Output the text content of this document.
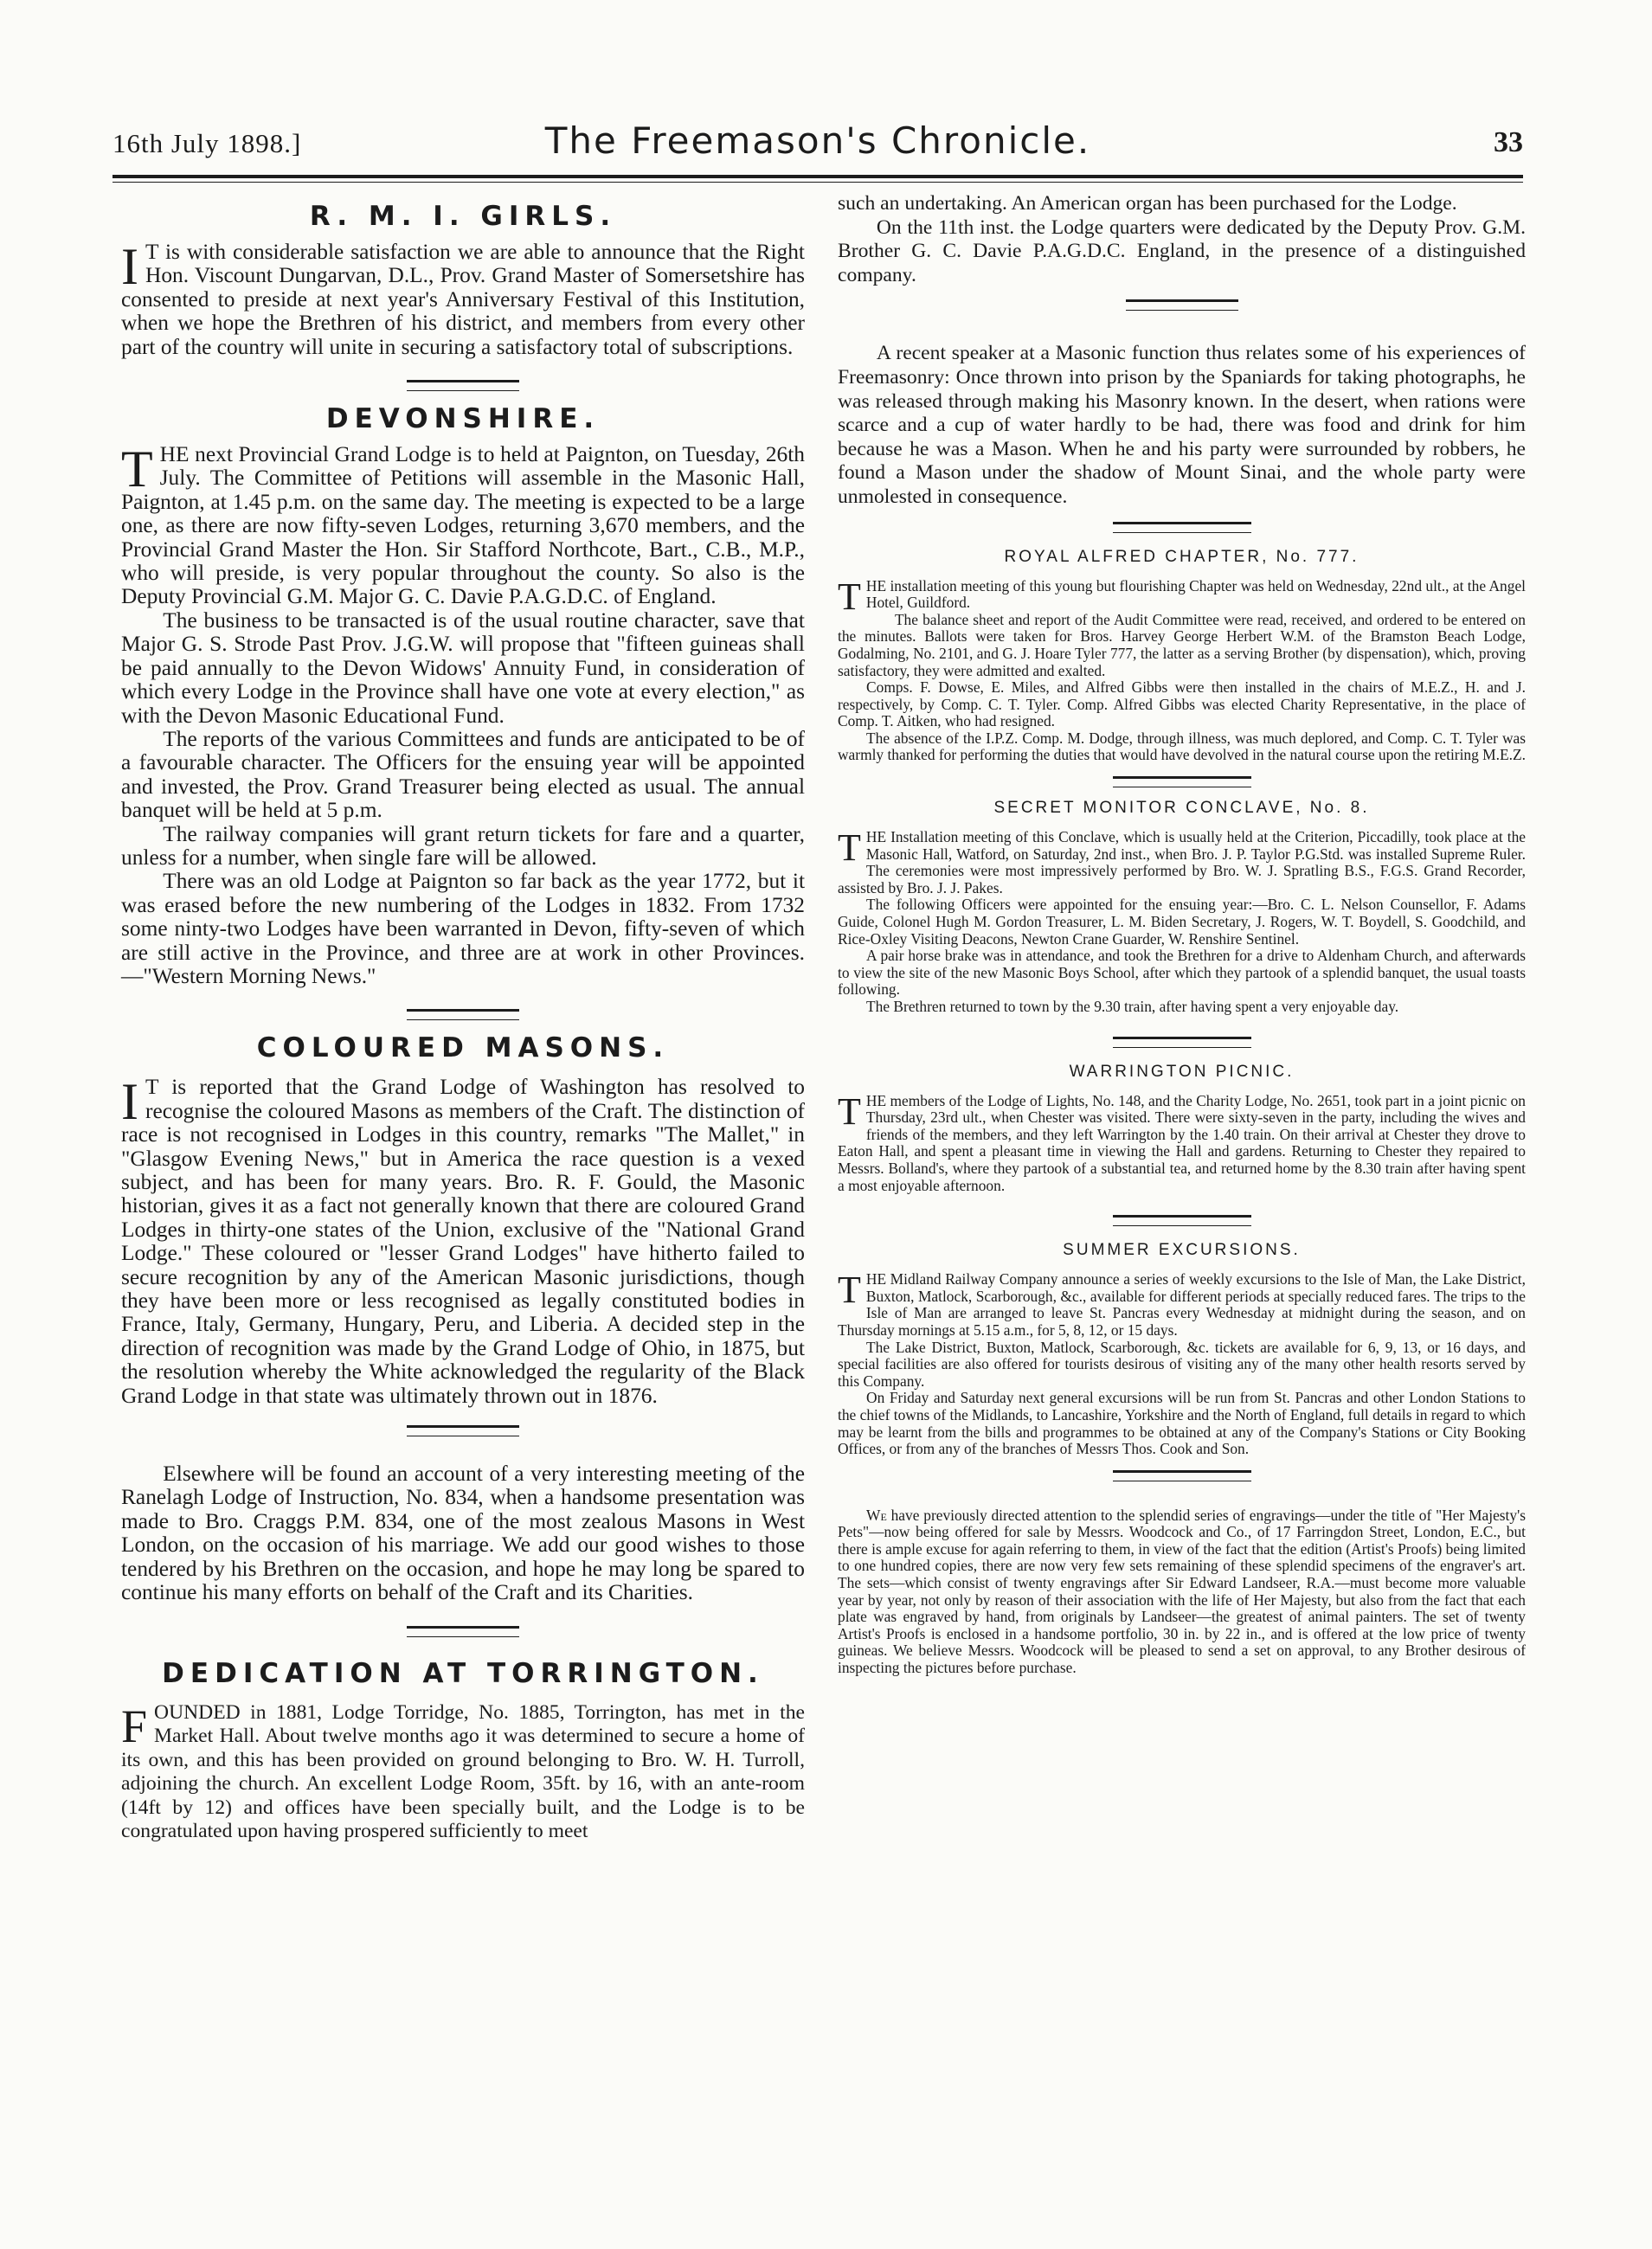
16th July 1898.]	The Freemason's Chronicle.	33
R. M. I. GIRLS.

I T is with considerable satisfaction we are able to announce that the Right Hon. Viscount Dungarvan, D.L., Prov. Grand Master of Somersetshire has consented to preside at next year's Anniversary Festival of this Institution, when we hope the Brethren of his district, and members from every other part of the country will unite in securing a satisfactory total of subscriptions.

DEVONSHIRE.

THE next Provincial Grand Lodge is to held at Paignton, on Tuesday, 26th July. The Committee of Petitions will assemble in the Masonic Hall, Paignton, at 1.45 p.m. on the same day. The meeting is expected to be a large one, as there are now fifty-seven Lodges, returning 3,670 members, and the Provincial Grand Master the Hon. Sir Stafford Northcote, Bart., C.B., M.P., who will preside, is very popular throughout the county. So also is the Deputy Provincial G.M. Major G. C. Davie P.A.G.D.C. of England.

The business to be transacted is of the usual routine character, save that Major G. S. Strode Past Prov. J.G.W. will propose that "fifteen guineas shall be paid annually to the Devon Widows' Annuity Fund, in consideration of which every Lodge in the Province shall have one vote at every election," as with the Devon Masonic Educational Fund.

The reports of the various Committees and funds are anticipated to be of a favourable character. The Officers for the ensuing year will be appointed and invested, the Prov. Grand Treasurer being elected as usual. The annual banquet will be held at 5 p.m.

The railway companies will grant return tickets for fare and a quarter, unless for a number, when single fare will be allowed.

There was an old Lodge at Paignton so far back as the year 1772, but it was erased before the new numbering of the Lodges in 1832. From 1732 some ninty-two Lodges have been warranted in Devon, fifty-seven of which are still active in the Province, and three are at work in other Provinces. —"Western Morning News."

COLOURED MASONS.

I T is reported that the Grand Lodge of Washington has resolved to recognise the coloured Masons as members of the Craft. The distinction of race is not recognised in Lodges in this country, remarks "The Mallet," in "Glasgow Evening News," but in America the race question is a vexed subject, and has been for many years. Bro. R. F. Gould, the Masonic historian, gives it as a fact not generally known that there are coloured Grand Lodges in thirty-one states of the Union, exclusive of the "National Grand Lodge." These coloured or "lesser Grand Lodges" have hitherto failed to secure recognition by any of the American Masonic jurisdictions, though they have been more or less recognised as legally constituted bodies in France, Italy, Germany, Hungary, Peru, and Liberia. A decided step in the direction of recognition was made by the Grand Lodge of Ohio, in 1875, but the resolution whereby the White acknowledged the regularity of the Black Grand Lodge in that state was ultimately thrown out in 1876.

Elsewhere will be found an account of a very interesting meeting of the Ranelagh Lodge of Instruction, No. 834, when a handsome presentation was made to Bro. Craggs P.M. 834, one of the most zealous Masons in West London, on the occasion of his marriage. We add our good wishes to those tendered by his Brethren on the occasion, and hope he may long be spared to continue his many efforts on behalf of the Craft and its Charities.

DEDICATION AT TORRINGTON.

FOUNDED in 1881, Lodge Torridge, No. 1885, Torrington, has met in the Market Hall. About twelve months ago it was determined to secure a home of its own, and this has been provided on ground belonging to Bro. W. H. Turroll, adjoining the church. An excellent Lodge Room, 35ft. by 16, with an ante-room (14ft by 12) and offices have been specially built, and the Lodge is to be congratulated upon having prospered sufficiently to meet

such an undertaking. An American organ has been purchased for the Lodge.

On the 11th inst. the Lodge quarters were dedicated by the Deputy Prov. G.M. Brother G. C. Davie P.A.G.D.C. England, in the presence of a distinguished company.

A recent speaker at a Masonic function thus relates some of his experiences of Freemasonry: Once thrown into prison by the Spaniards for taking photographs, he was released through making his Masonry known. In the desert, when rations were scarce and a cup of water hardly to be had, there was food and drink for him because he was a Mason. When he and his party were surrounded by robbers, he found a Mason under the shadow of Mount Sinai, and the whole party were unmolested in consequence.

ROYAL ALFRED CHAPTER, No. 777.

THE installation meeting of this young but flourishing Chapter was held on Wednesday, 22nd ult., at the Angel Hotel, Guildford.

The balance sheet and report of the Audit Committee were read, received, and ordered to be entered on the minutes. Ballots were taken for Bros. Harvey George Herbert W.M. of the Bramston Beach Lodge, Godalming, No. 2101, and G. J. Hoare Tyler 777, the latter as a serving Brother (by dispensation), which, proving satisfactory, they were admitted and exalted.

Comps. F. Dowse, E. Miles, and Alfred Gibbs were then installed in the chairs of M.E.Z., H. and J. respectively, by Comp. C. T. Tyler. Comp. Alfred Gibbs was elected Charity Representative, in the place of Comp. T. Aitken, who had resigned.

The absence of the I.P.Z. Comp. M. Dodge, through illness, was much deplored, and Comp. C. T. Tyler was warmly thanked for performing the duties that would have devolved in the natural course upon the retiring M.E.Z.

SECRET MONITOR CONCLAVE, No. 8.

THE Installation meeting of this Conclave, which is usually held at the Criterion, Piccadilly, took place at the Masonic Hall, Watford, on Saturday, 2nd inst., when Bro. J. P. Taylor P.G.Std. was installed Supreme Ruler. The ceremonies were most impressively performed by Bro. W. J. Spratling B.S., F.G.S. Grand Recorder, assisted by Bro. J. J. Pakes.

The following Officers were appointed for the ensuing year:—Bro. C. L. Nelson Counsellor, F. Adams Guide, Colonel Hugh M. Gordon Treasurer, L. M. Biden Secretary, J. Rogers, W. T. Boydell, S. Goodchild, and Rice-Oxley Visiting Deacons, Newton Crane Guarder, W. Renshire Sentinel.

A pair horse brake was in attendance, and took the Brethren for a drive to Aldenham Church, and afterwards to view the site of the new Masonic Boys School, after which they partook of a splendid banquet, the usual toasts following.

The Brethren returned to town by the 9.30 train, after having spent a very enjoyable day.

WARRINGTON PICNIC.

THE members of the Lodge of Lights, No. 148, and the Charity Lodge, No. 2651, took part in a joint picnic on Thursday, 23rd ult., when Chester was visited. There were sixty-seven in the party, including the wives and friends of the members, and they left Warrington by the 1.40 train. On their arrival at Chester they drove to Eaton Hall, and spent a pleasant time in viewing the Hall and gardens. Returning to Chester they repaired to Messrs. Bolland's, where they partook of a substantial tea, and returned home by the 8.30 train after having spent a most enjoyable afternoon.

SUMMER EXCURSIONS.

THE Midland Railway Company announce a series of weekly excursions to the Isle of Man, the Lake District, Buxton, Matlock, Scarborough, &c., available for different periods at specially reduced fares. The trips to the Isle of Man are arranged to leave St. Pancras every Wednesday at midnight during the season, and on Thursday mornings at 5.15 a.m., for 5, 8, 12, or 15 days.

The Lake District, Buxton, Matlock, Scarborough, &c. tickets are available for 6, 9, 13, or 16 days, and special facilities are also offered for tourists desirous of visiting any of the many other health resorts served by this Company.

On Friday and Saturday next general excursions will be run from St. Pancras and other London Stations to the chief towns of the Midlands, to Lancashire, Yorkshire and the North of England, full details in regard to which may be learnt from the bills and programmes to be obtained at any of the Company's Stations or City Booking Offices, or from any of the branches of Messrs Thos. Cook and Son.

We have previously directed attention to the splendid series of engravings—under the title of "Her Majesty's Pets"—now being offered for sale by Messrs. Woodcock and Co., of 17 Farringdon Street, London, E.C., but there is ample excuse for again referring to them, in view of the fact that the edition (Artist's Proofs) being limited to one hundred copies, there are now very few sets remaining of these splendid specimens of the engraver's art. The sets—which consist of twenty engravings after Sir Edward Landseer, R.A.—must become more valuable year by year, not only by reason of their association with the life of Her Majesty, but also from the fact that each plate was engraved by hand, from originals by Landseer—the greatest of animal painters. The set of twenty Artist's Proofs is enclosed in a handsome portfolio, 30 in. by 22 in., and is offered at the low price of twenty guineas. We believe Messrs. Woodcock will be pleased to send a set on approval, to any Brother desirous of inspecting the pictures before purchase.
